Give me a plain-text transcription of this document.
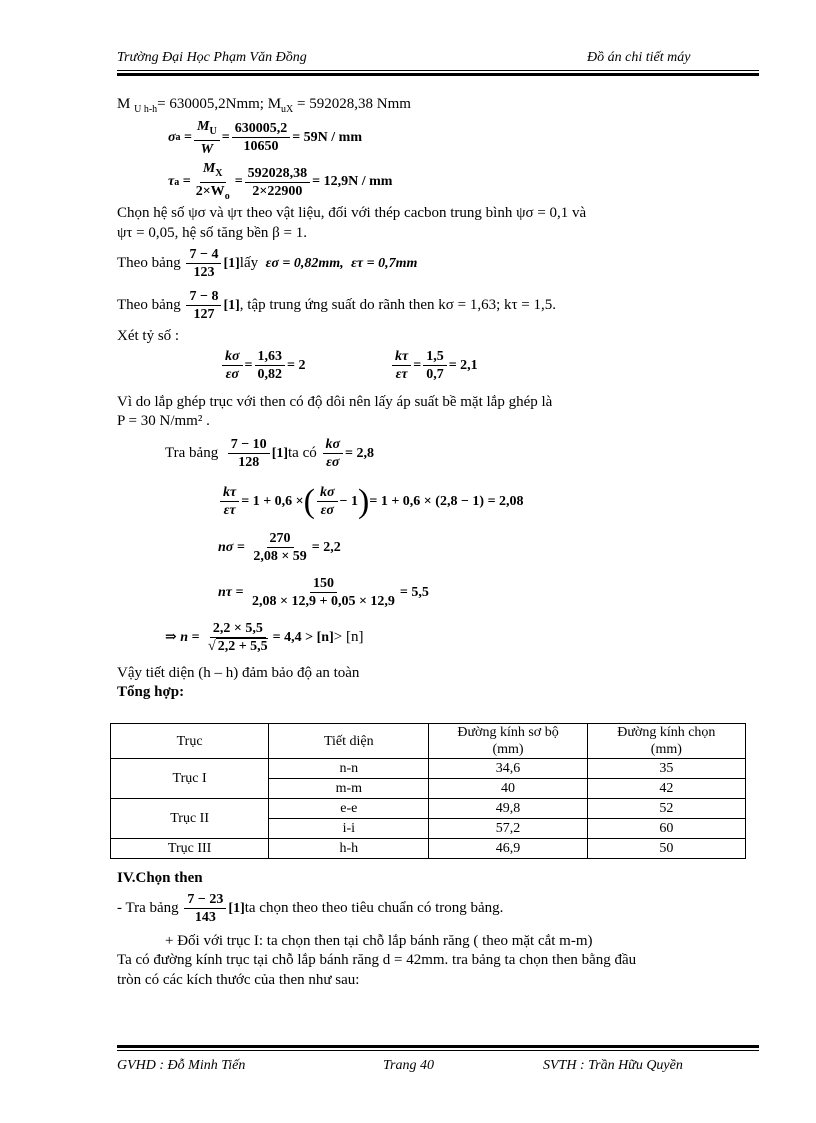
Trường Đại Học Phạm Văn Đồng	Đồ án chi tiết máy
M $_{U h-h}$= 630005,2Nmm; $M_{uX} = 592028,38$ Nmm
σ $a = \frac{M_U}{W} = \frac{630005,2}{10650} = 59N$ / mm
τ $a = \frac{M_X}{2\times W_o} = \frac{592028,38}{2\times 22900} = 12,9N$ / mm
Chọn hệ số ψσ và ψτ theo vật liệu, đối với thép cacbon trung bình ψσ = 0,1 và
ψτ = 0,05, hệ số tăng bền β = 1.
Theo bảng
$\frac{7 - 4}{123} [1]$ lấy
εσ = 0,82mm,
ετ = 0,7mm
Theo bảng
$\frac{7 - 8}{127} [1]$ , tập trung ứng suất do rãnh then kσ = 1,63; kτ = 1,5.
Xét tỷ số :
$\frac{k\sigma}{\varepsilon\sigma} = \frac{1,63}{0,82} = 2$	$\frac{k\tau}{\varepsilon\tau} = \frac{1,5}{0,7} = 2,1$
Vì do lắp ghép trục với then có độ dôi nên lấy áp suất bề mặt lắp ghép là
P = 30 N/mm² .
Tra bảng
$\frac{7 - 10}{128} [1]$ ta có
$\frac{k\sigma}{\varepsilon\sigma} = 2,8$
$\frac{k\tau}{\varepsilon\tau} = 1 + 0,6$ × ( $\frac{k\sigma}{\varepsilon\sigma} - 1$ ) = 1 + 0,6 × (2,8 − 1) = 2,08
nσ =
$\frac{270}{2,08 \times 59} = 2,2$
nτ =
$\frac{150}{2,08 \times 12,9 + 0,05 \times 12,9} = 5,5$
⇒ n =
$\frac{2,2 \times 5,5}{√ 2,2 + 5,5} = 4,4 > [n] > [n]$
Vậy tiết diện (h – h) đảm bảo độ an toàn
Tổng hợp:
Trục	Tiết diện	Đường kính sơ bộ
(mm)	Đường kính chọn
(mm)
Trục I	n-n	34,6	35
	m-m	40	42
Trục II	e-e	49,8	52
	i-i	57,2	60
Trục III	h-h	46,9	50
IV.Chọn then
- Tra bảng
$\frac{7 - 23}{143} [1]$ ta chọn theo theo tiêu chuẩn có trong bảng.
+ Đối với trục I: ta chọn then tại chỗ lắp bánh răng ( theo mặt cắt m-m)
Ta có đường kính trục tại chỗ lắp bánh răng d = 42mm. tra bảng ta chọn then bằng đầu
tròn có các kích thước của then như sau:
GVHD : Đỗ Minh Tiến	Trang 40	SVTH : Trần Hữu Quyền
